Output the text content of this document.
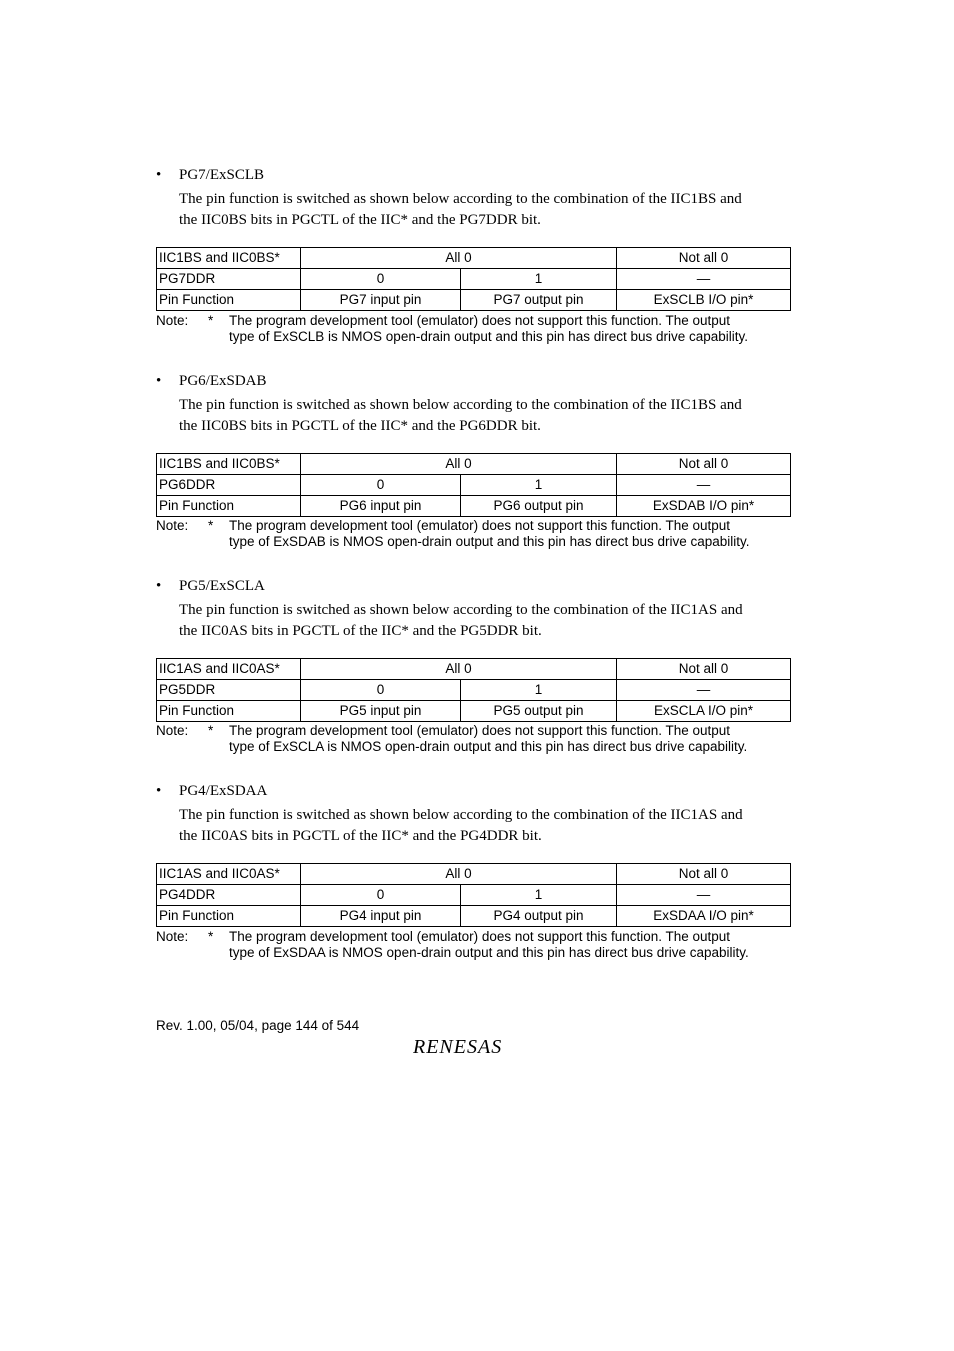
• PG7/ExSCLB
The pin function is switched as shown below according to the combination of the IIC1BS and
the IIC0BS bits in PGCTL of the IIC* and the PG7DDR bit.
IIC1BS and IIC0BS*	All 0		Not all 0
PG7DDR	0	1	—
Pin Function	PG7 input pin	PG7 output pin	ExSCLB I/O pin*
Note: * The program development tool (emulator) does not support this function. The output
type of ExSCLB is NMOS open-drain output and this pin has direct bus drive capability.
• PG6/ExSDAB
The pin function is switched as shown below according to the combination of the IIC1BS and
the IIC0BS bits in PGCTL of the IIC* and the PG6DDR bit.
IIC1BS and IIC0BS*	All 0		Not all 0
PG6DDR	0	1	—
Pin Function	PG6 input pin	PG6 output pin	ExSDAB I/O pin*
Note: * The program development tool (emulator) does not support this function. The output
type of ExSDAB is NMOS open-drain output and this pin has direct bus drive capability.
• PG5/ExSCLA
The pin function is switched as shown below according to the combination of the IIC1AS and
the IIC0AS bits in PGCTL of the IIC* and the PG5DDR bit.
IIC1AS and IIC0AS*	All 0		Not all 0
PG5DDR	0	1	—
Pin Function	PG5 input pin	PG5 output pin	ExSCLA I/O pin*
Note: * The program development tool (emulator) does not support this function. The output
type of ExSCLA is NMOS open-drain output and this pin has direct bus drive capability.
• PG4/ExSDAA
The pin function is switched as shown below according to the combination of the IIC1AS and
the IIC0AS bits in PGCTL of the IIC* and the PG4DDR bit.
IIC1AS and IIC0AS*	All 0		Not all 0
PG4DDR	0	1	—
Pin Function	PG4 input pin	PG4 output pin	ExSDAA I/O pin*
Note: * The program development tool (emulator) does not support this function. The output
type of ExSDAA is NMOS open-drain output and this pin has direct bus drive capability.
Rev. 1.00, 05/04, page 144 of 544
RENESAS
